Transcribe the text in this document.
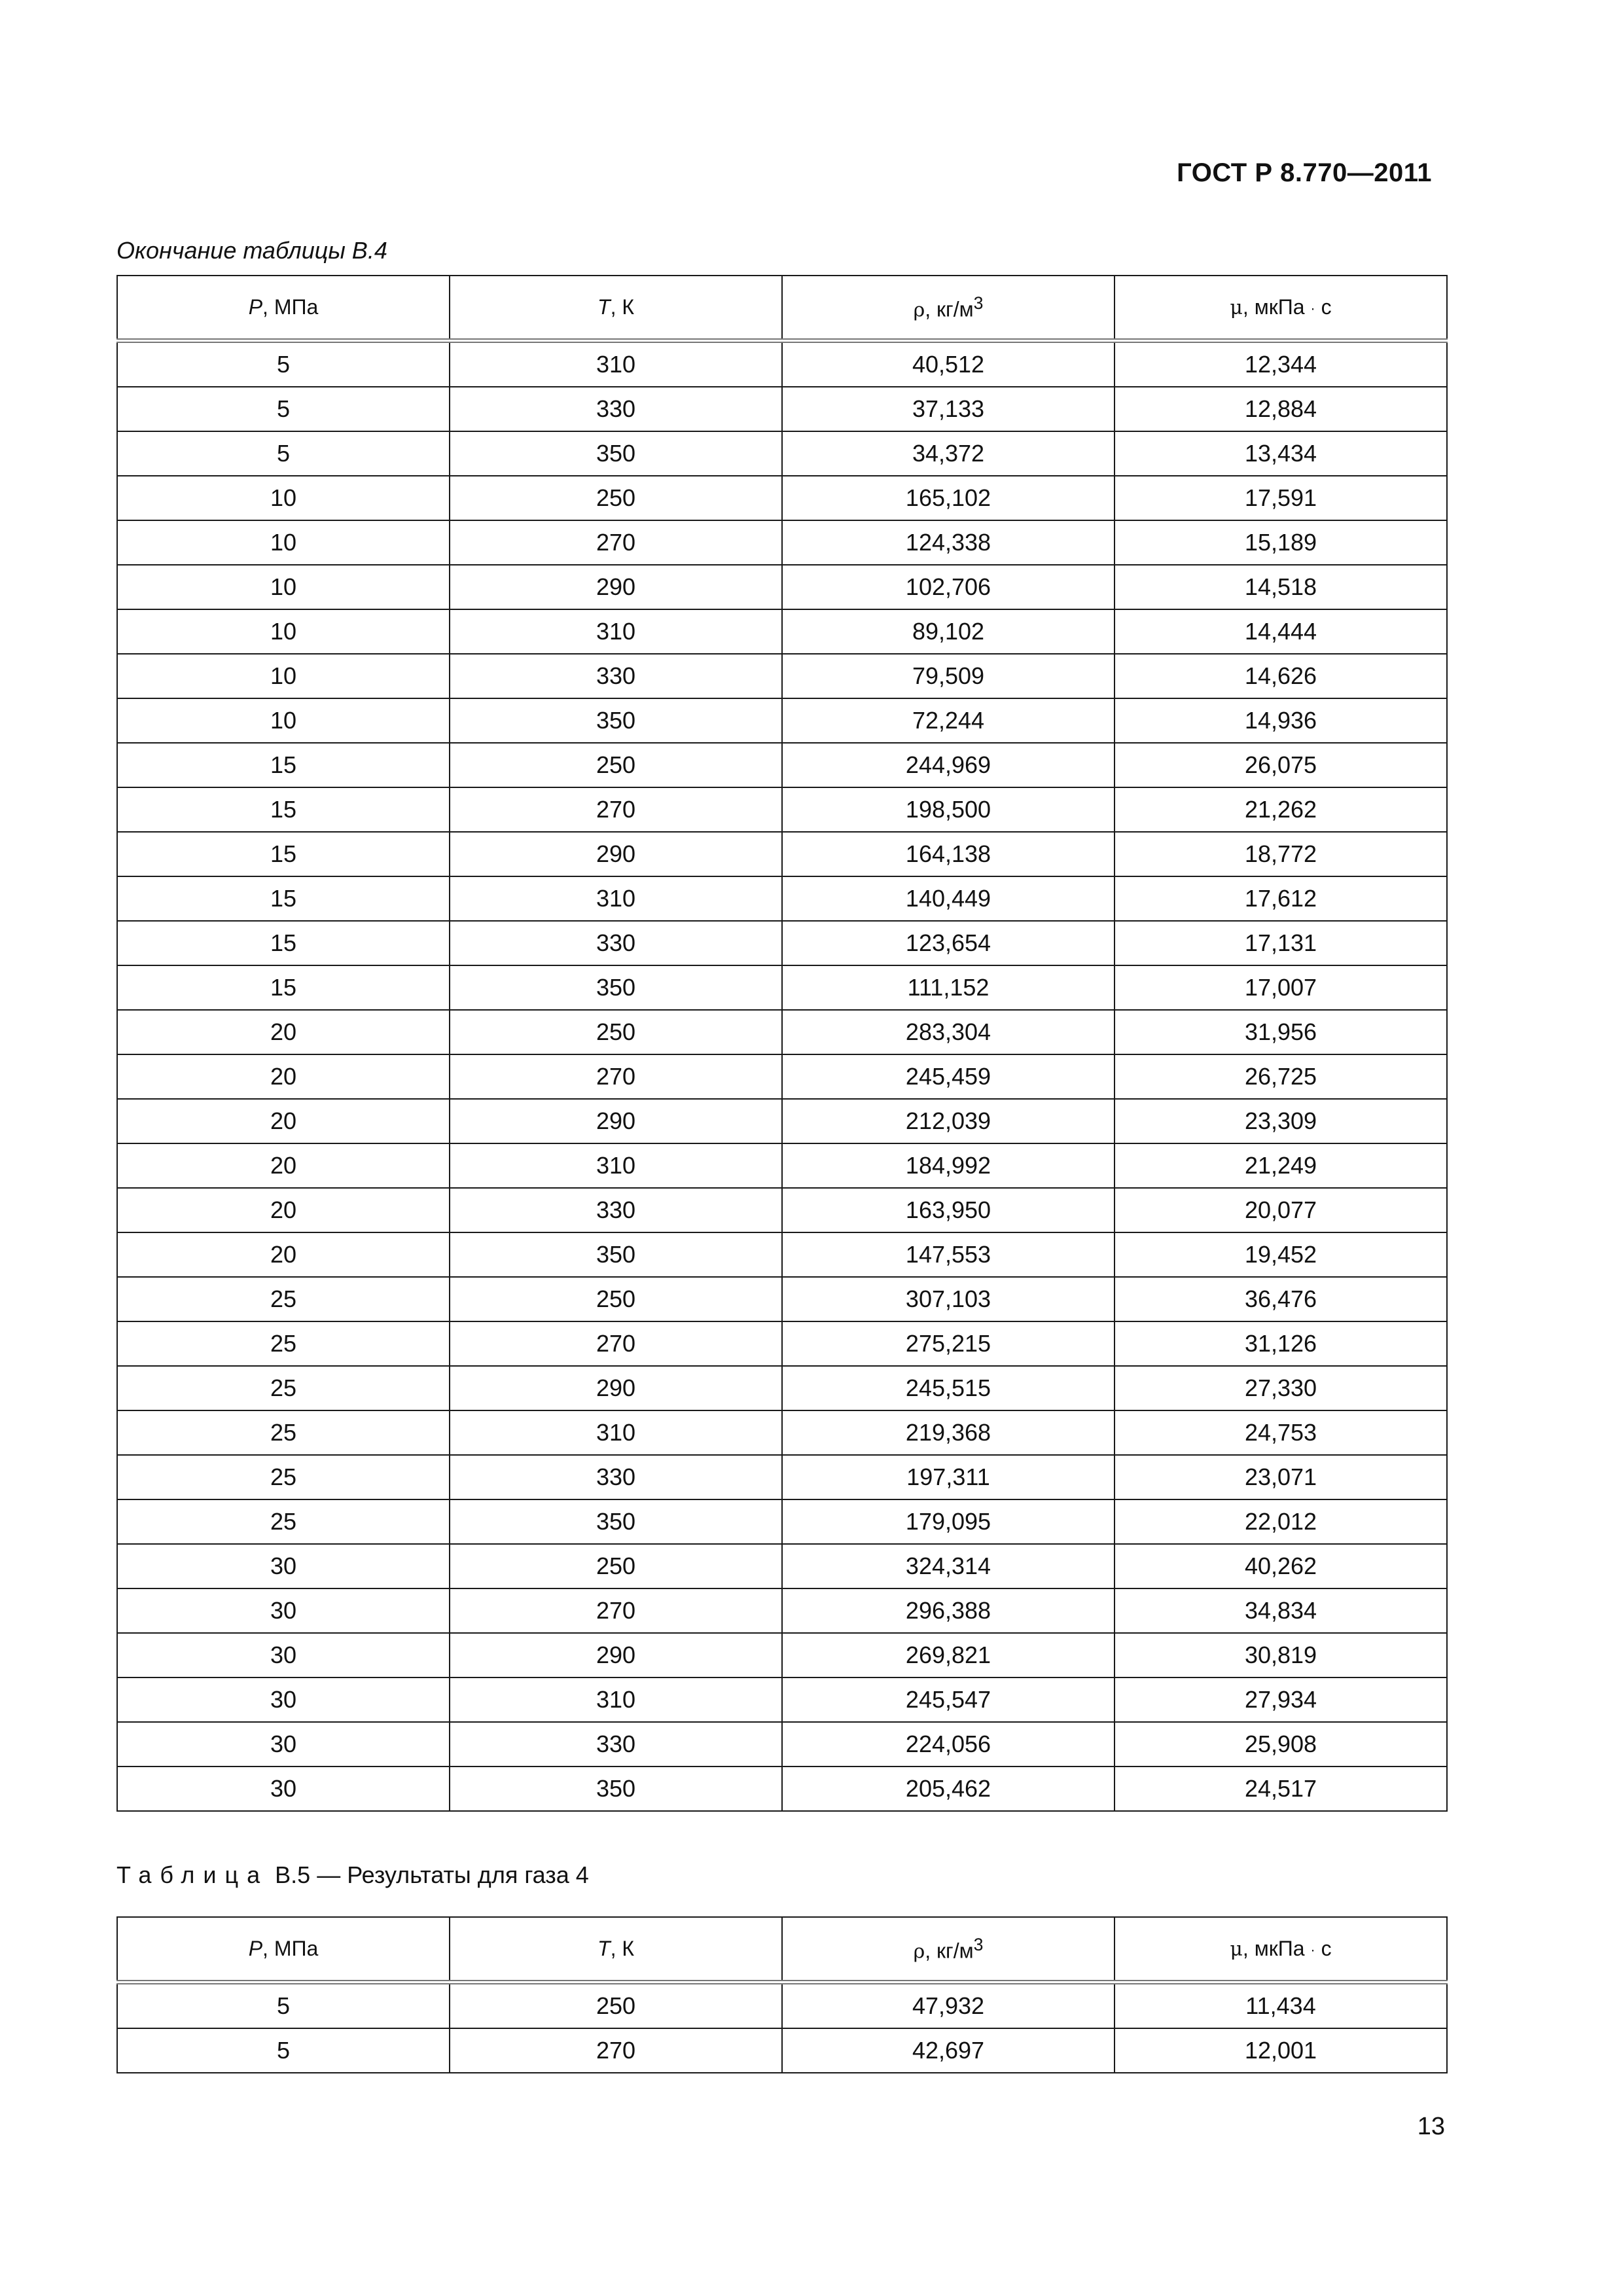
ГОСТ Р 8.770—2011
Окончание таблицы В.4
P, МПа	T, К	ρ, $кг/м^3$	μ, мкПа · с
5	310	40,512	12,344
5	330	37,133	12,884
5	350	34,372	13,434
10	250	165,102	17,591
10	270	124,338	15,189
10	290	102,706	14,518
10	310	89,102	14,444
10	330	79,509	14,626
10	350	72,244	14,936
15	250	244,969	26,075
15	270	198,500	21,262
15	290	164,138	18,772
15	310	140,449	17,612
15	330	123,654	17,131
15	350	111,152	17,007
20	250	283,304	31,956
20	270	245,459	26,725
20	290	212,039	23,309
20	310	184,992	21,249
20	330	163,950	20,077
20	350	147,553	19,452
25	250	307,103	36,476
25	270	275,215	31,126
25	290	245,515	27,330
25	310	219,368	24,753
25	330	197,311	23,071
25	350	179,095	22,012
30	250	324,314	40,262
30	270	296,388	34,834
30	290	269,821	30,819
30	310	245,547	27,934
30	330	224,056	25,908
30	350	205,462	24,517
Таблица В.5 — Результаты для газа 4
P, МПа	T, К	ρ, $кг/м^3$	μ, мкПа · с
5	250	47,932	11,434
5	270	42,697	12,001
13
